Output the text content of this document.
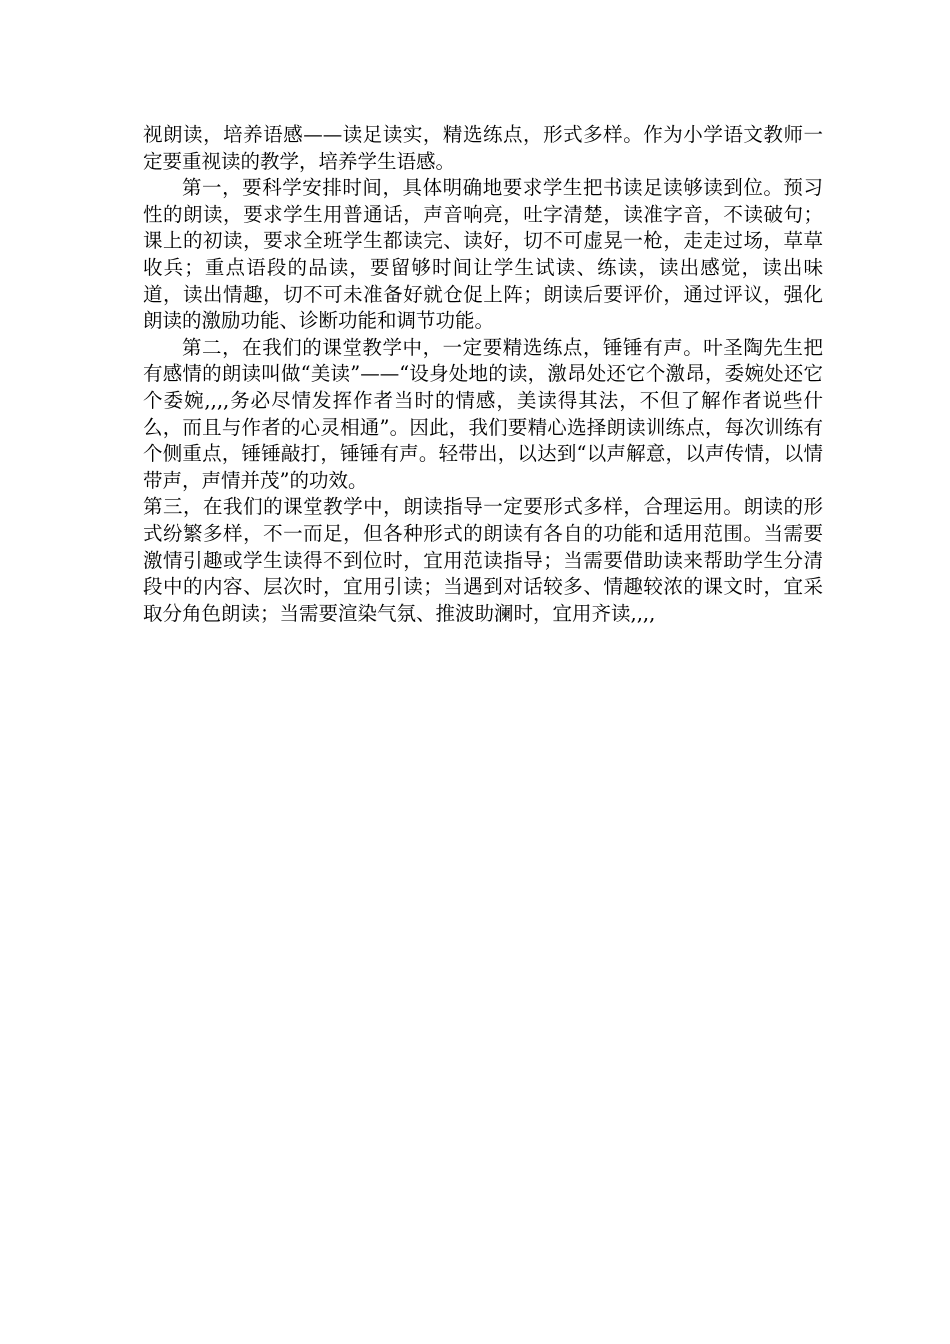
视朗读，培养语感——读足读实，精选练点，形式多样。作为小学语文教师一定要重视读的教学，培养学生语感。

第一，要科学安排时间，具体明确地要求学生把书读足读够读到位。预习性的朗读，要求学生用普通话，声音响亮，吐字清楚，读准字音，不读破句；课上的初读，要求全班学生都读完、读好，切不可虚晃一枪，走走过场，草草收兵；重点语段的品读，要留够时间让学生试读、练读，读出感觉，读出味道，读出情趣，切不可未准备好就仓促上阵；朗读后要评价，通过评议，强化朗读的激励功能、诊断功能和调节功能。

第二，在我们的课堂教学中，一定要精选练点，锤锤有声。叶圣陶先生把有感情的朗读叫做“美读”——“设身处地的读，激昂处还它个激昂，委婉处还它个委婉,,,,务必尽情发挥作者当时的情感，美读得其法，不但了解作者说些什么，而且与作者的心灵相通”。因此，我们要精心选择朗读训练点，每次训练有个侧重点，锤锤敲打，锤锤有声。轻带出，以达到“以声解意，以声传情，以情带声，声情并茂”的功效。

第三，在我们的课堂教学中，朗读指导一定要形式多样，合理运用。朗读的形式纷繁多样，不一而足，但各种形式的朗读有各自的功能和适用范围。当需要激情引趣或学生读得不到位时，宜用范读指导；当需要借助读来帮助学生分清段中的内容、层次时，宜用引读；当遇到对话较多、情趣较浓的课文时，宜采取分角色朗读；当需要渲染气氛、推波助澜时，宜用齐读,,,,
